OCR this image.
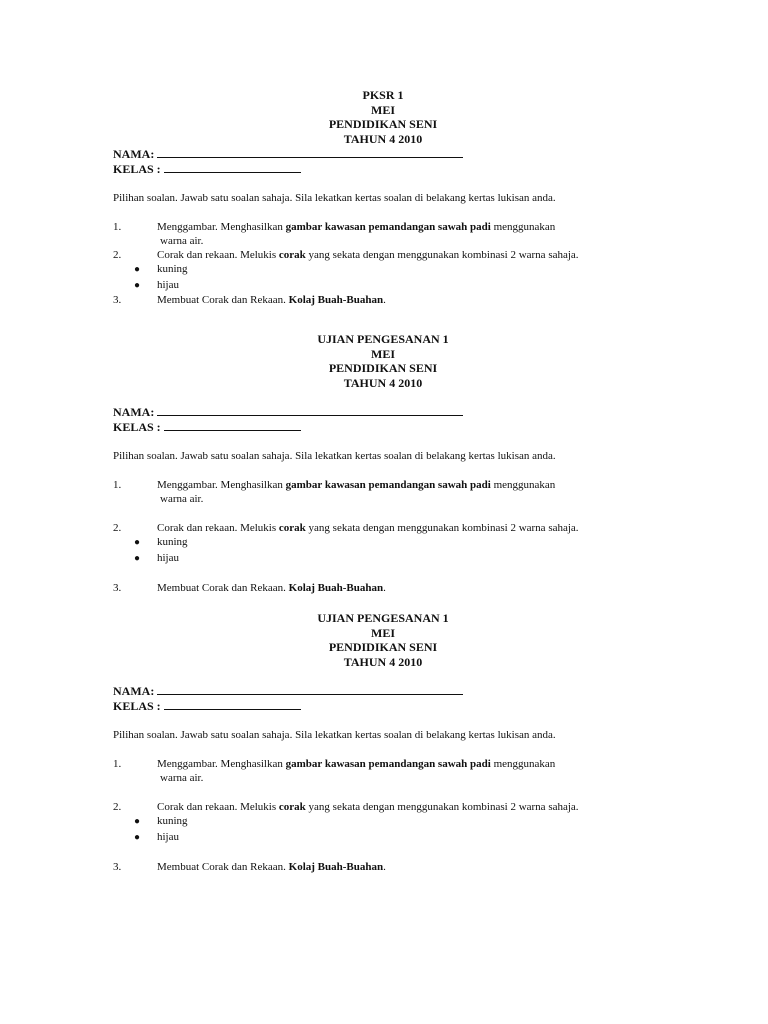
PKSR 1
MEI
PENDIDIKAN SENI
TAHUN 4 2010
NAMA:
KELAS :
Pilihan soalan. Jawab satu soalan sahaja. Sila lekatkan kertas soalan di belakang kertas lukisan anda.
1.	Menggambar. Menghasilkan gambar kawasan pemandangan sawah padi menggunakan
warna air.
2.	Corak dan rekaan. Melukis corak yang sekata dengan menggunakan kombinasi 2 warna sahaja.
● kuning
● hijau
3.	Membuat Corak dan Rekaan. Kolaj Buah-Buahan.
UJIAN PENGESANAN 1
MEI
PENDIDIKAN SENI
TAHUN 4 2010
NAMA:
KELAS :
Pilihan soalan. Jawab satu soalan sahaja. Sila lekatkan kertas soalan di belakang kertas lukisan anda.
1.	Menggambar. Menghasilkan gambar kawasan pemandangan sawah padi menggunakan
warna air.
2.	Corak dan rekaan. Melukis corak yang sekata dengan menggunakan kombinasi 2 warna sahaja.
● kuning
● hijau
3.	Membuat Corak dan Rekaan. Kolaj Buah-Buahan.
UJIAN PENGESANAN 1
MEI
PENDIDIKAN SENI
TAHUN 4 2010
NAMA:
KELAS :
Pilihan soalan. Jawab satu soalan sahaja. Sila lekatkan kertas soalan di belakang kertas lukisan anda.
1.	Menggambar. Menghasilkan gambar kawasan pemandangan sawah padi menggunakan
warna air.
2.	Corak dan rekaan. Melukis corak yang sekata dengan menggunakan kombinasi 2 warna sahaja.
● kuning
● hijau
3.	Membuat Corak dan Rekaan. Kolaj Buah-Buahan.
